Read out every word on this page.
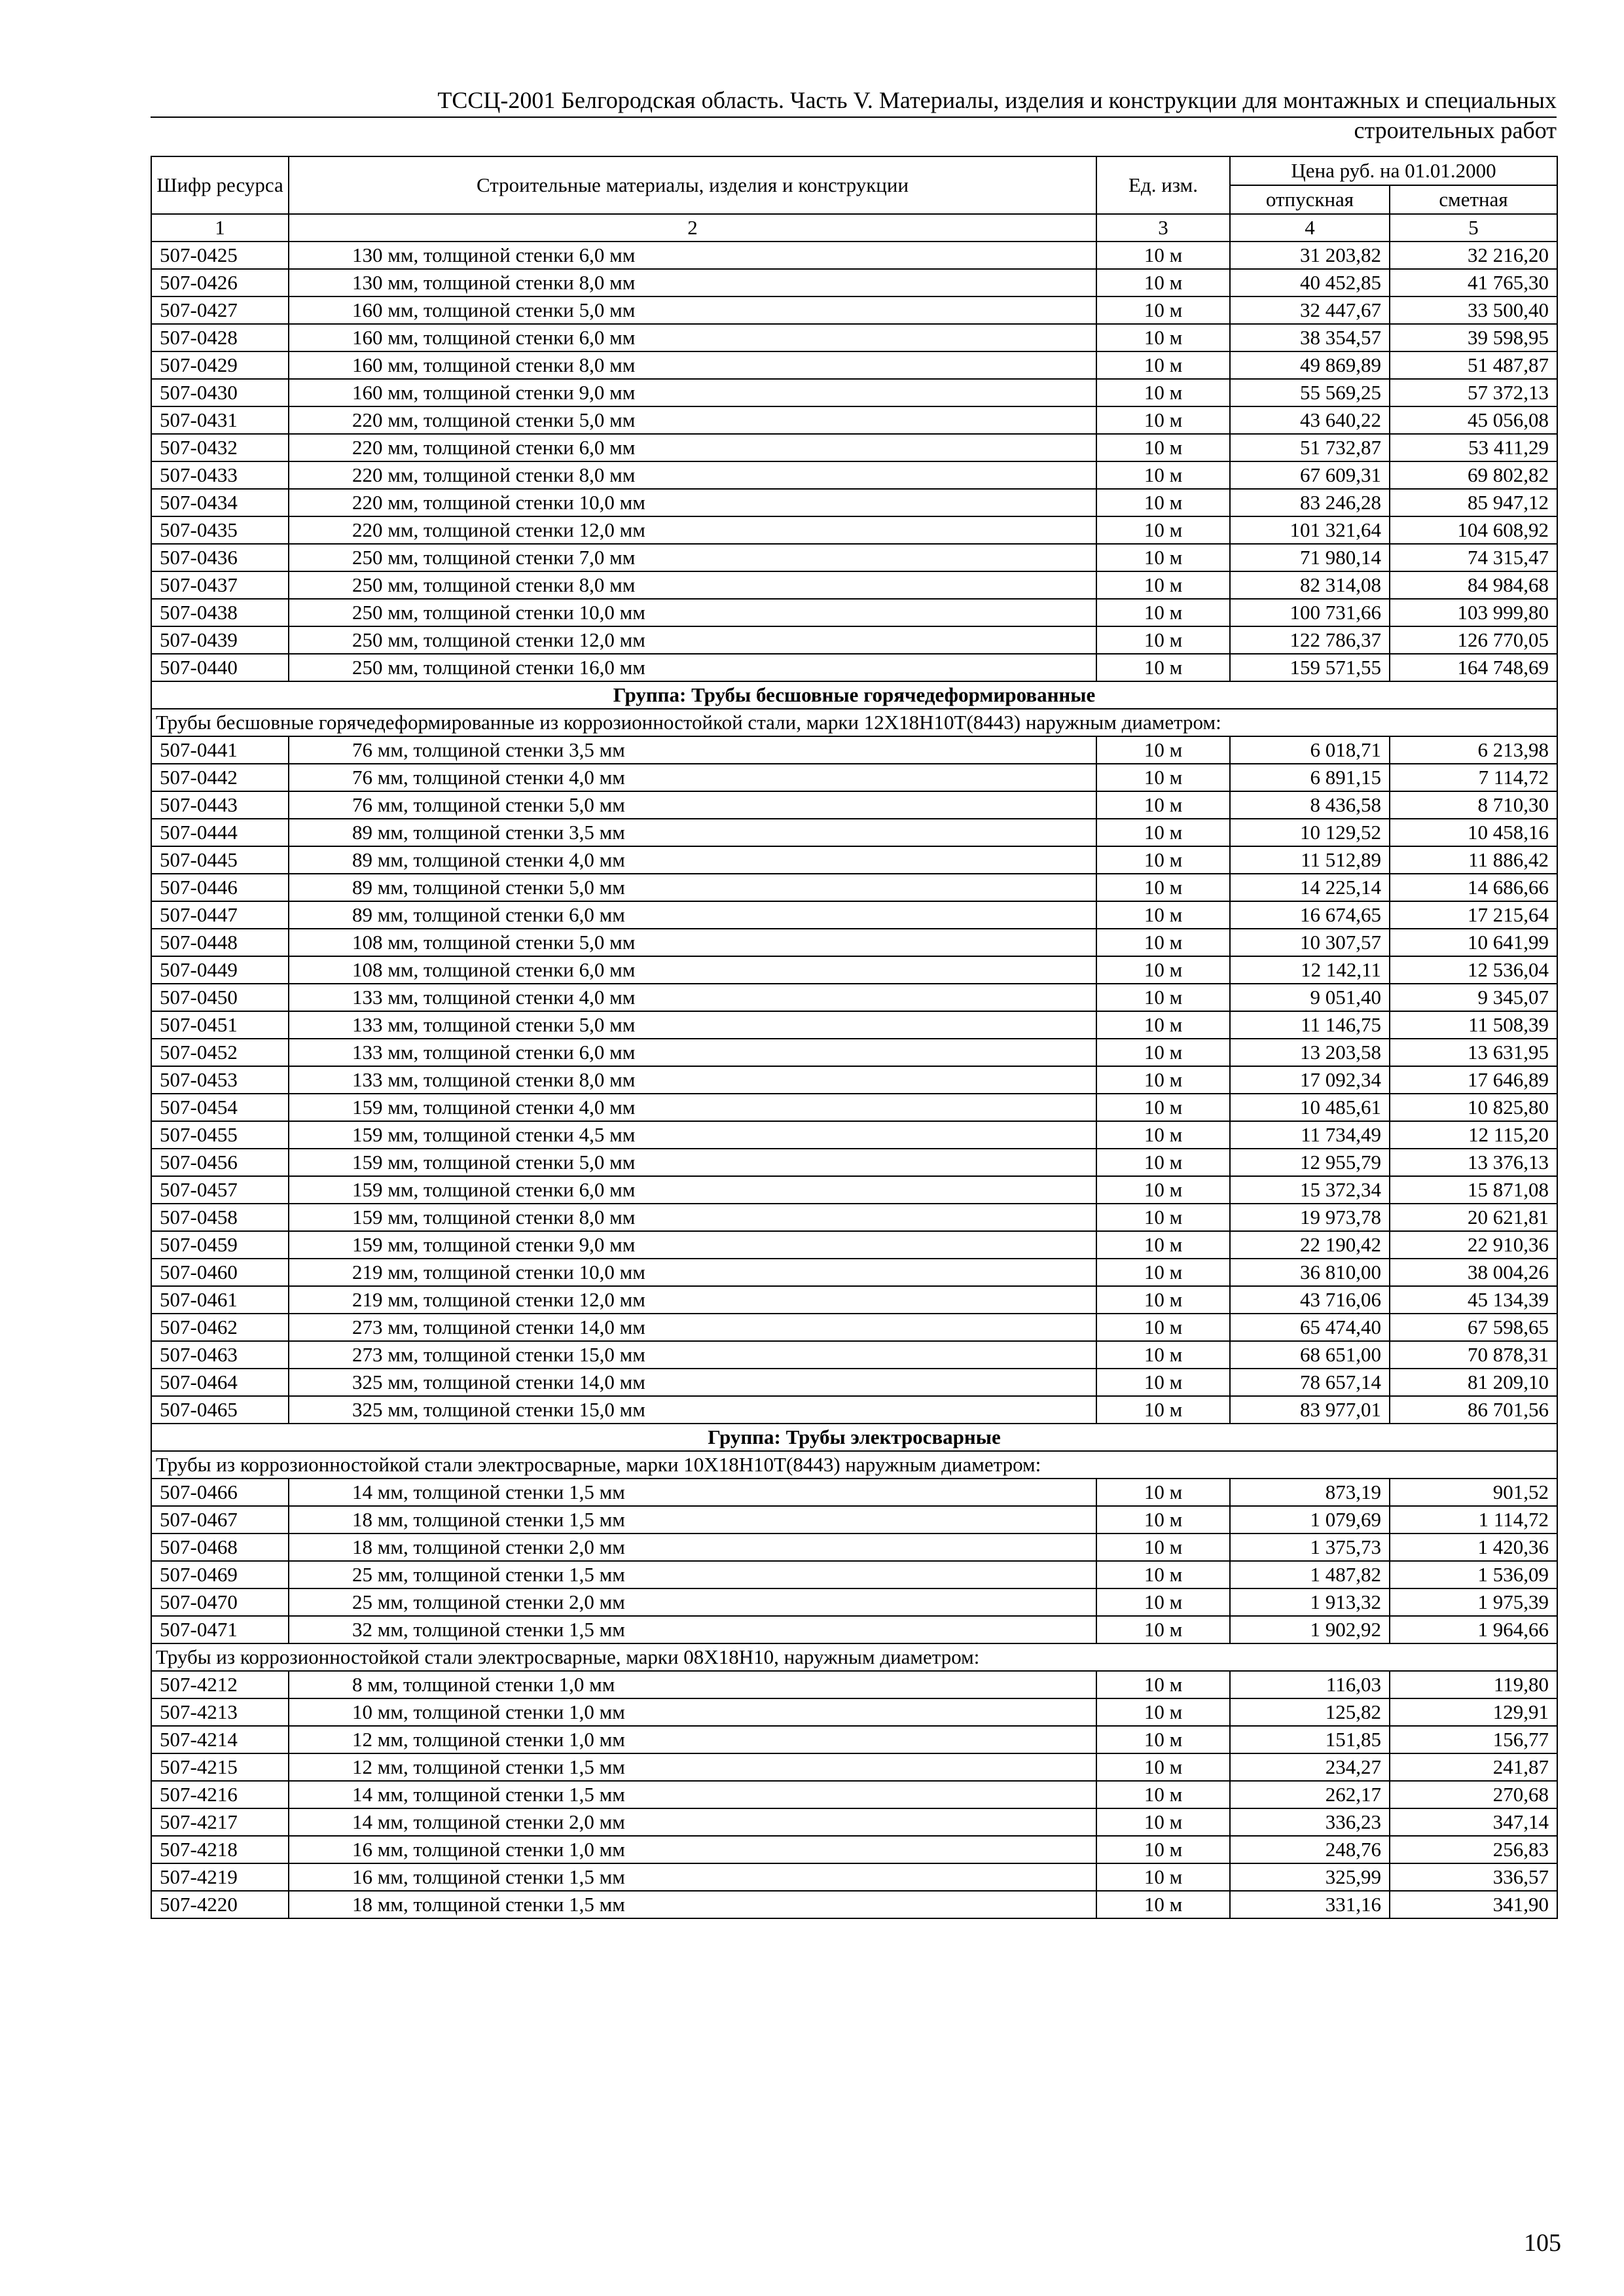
ТССЦ-2001 Белгородская область. Часть V. Материалы, изделия и конструкции для монтажных и специальных
строительных работ
Шифр ресурса	Строительные материалы, изделия и конструкции	Ед. изм.	Цена руб. на 01.01.2000	
			отпускная	сметная
1	2	3	4	5
507-0425	130 мм, толщиной стенки 6,0 мм	10 м	31 203,82	32 216,20
507-0426	130 мм, толщиной стенки 8,0 мм	10 м	40 452,85	41 765,30
507-0427	160 мм, толщиной стенки 5,0 мм	10 м	32 447,67	33 500,40
507-0428	160 мм, толщиной стенки 6,0 мм	10 м	38 354,57	39 598,95
507-0429	160 мм, толщиной стенки 8,0 мм	10 м	49 869,89	51 487,87
507-0430	160 мм, толщиной стенки 9,0 мм	10 м	55 569,25	57 372,13
507-0431	220 мм, толщиной стенки 5,0 мм	10 м	43 640,22	45 056,08
507-0432	220 мм, толщиной стенки 6,0 мм	10 м	51 732,87	53 411,29
507-0433	220 мм, толщиной стенки 8,0 мм	10 м	67 609,31	69 802,82
507-0434	220 мм, толщиной стенки 10,0 мм	10 м	83 246,28	85 947,12
507-0435	220 мм, толщиной стенки 12,0 мм	10 м	101 321,64	104 608,92
507-0436	250 мм, толщиной стенки 7,0 мм	10 м	71 980,14	74 315,47
507-0437	250 мм, толщиной стенки 8,0 мм	10 м	82 314,08	84 984,68
507-0438	250 мм, толщиной стенки 10,0 мм	10 м	100 731,66	103 999,80
507-0439	250 мм, толщиной стенки 12,0 мм	10 м	122 786,37	126 770,05
507-0440	250 мм, толщиной стенки 16,0 мм	10 м	159 571,55	164 748,69
Группа: Трубы бесшовные горячедеформированные				
Трубы бесшовные горячедеформированные из коррозионностойкой стали, марки 12Х18Н10Т(8443) наружным диаметром:				
507-0441	76 мм, толщиной стенки 3,5 мм	10 м	6 018,71	6 213,98
507-0442	76 мм, толщиной стенки 4,0 мм	10 м	6 891,15	7 114,72
507-0443	76 мм, толщиной стенки 5,0 мм	10 м	8 436,58	8 710,30
507-0444	89 мм, толщиной стенки 3,5 мм	10 м	10 129,52	10 458,16
507-0445	89 мм, толщиной стенки 4,0 мм	10 м	11 512,89	11 886,42
507-0446	89 мм, толщиной стенки 5,0 мм	10 м	14 225,14	14 686,66
507-0447	89 мм, толщиной стенки 6,0 мм	10 м	16 674,65	17 215,64
507-0448	108 мм, толщиной стенки 5,0 мм	10 м	10 307,57	10 641,99
507-0449	108 мм, толщиной стенки 6,0 мм	10 м	12 142,11	12 536,04
507-0450	133 мм, толщиной стенки 4,0 мм	10 м	9 051,40	9 345,07
507-0451	133 мм, толщиной стенки 5,0 мм	10 м	11 146,75	11 508,39
507-0452	133 мм, толщиной стенки 6,0 мм	10 м	13 203,58	13 631,95
507-0453	133 мм, толщиной стенки 8,0 мм	10 м	17 092,34	17 646,89
507-0454	159 мм, толщиной стенки 4,0 мм	10 м	10 485,61	10 825,80
507-0455	159 мм, толщиной стенки 4,5 мм	10 м	11 734,49	12 115,20
507-0456	159 мм, толщиной стенки 5,0 мм	10 м	12 955,79	13 376,13
507-0457	159 мм, толщиной стенки 6,0 мм	10 м	15 372,34	15 871,08
507-0458	159 мм, толщиной стенки 8,0 мм	10 м	19 973,78	20 621,81
507-0459	159 мм, толщиной стенки 9,0 мм	10 м	22 190,42	22 910,36
507-0460	219 мм, толщиной стенки 10,0 мм	10 м	36 810,00	38 004,26
507-0461	219 мм, толщиной стенки 12,0 мм	10 м	43 716,06	45 134,39
507-0462	273 мм, толщиной стенки 14,0 мм	10 м	65 474,40	67 598,65
507-0463	273 мм, толщиной стенки 15,0 мм	10 м	68 651,00	70 878,31
507-0464	325 мм, толщиной стенки 14,0 мм	10 м	78 657,14	81 209,10
507-0465	325 мм, толщиной стенки 15,0 мм	10 м	83 977,01	86 701,56
Группа: Трубы электросварные				
Трубы из коррозионностойкой стали электросварные, марки 10Х18Н10Т(8443) наружным диаметром:				
507-0466	14 мм, толщиной стенки 1,5 мм	10 м	873,19	901,52
507-0467	18 мм, толщиной стенки 1,5 мм	10 м	1 079,69	1 114,72
507-0468	18 мм, толщиной стенки 2,0 мм	10 м	1 375,73	1 420,36
507-0469	25 мм, толщиной стенки 1,5 мм	10 м	1 487,82	1 536,09
507-0470	25 мм, толщиной стенки 2,0 мм	10 м	1 913,32	1 975,39
507-0471	32 мм, толщиной стенки 1,5 мм	10 м	1 902,92	1 964,66
Трубы из коррозионностойкой стали электросварные, марки 08Х18Н10, наружным диаметром:				
507-4212	8 мм, толщиной стенки 1,0 мм	10 м	116,03	119,80
507-4213	10 мм, толщиной стенки 1,0 мм	10 м	125,82	129,91
507-4214	12 мм, толщиной стенки 1,0 мм	10 м	151,85	156,77
507-4215	12 мм, толщиной стенки 1,5 мм	10 м	234,27	241,87
507-4216	14 мм, толщиной стенки 1,5 мм	10 м	262,17	270,68
507-4217	14 мм, толщиной стенки 2,0 мм	10 м	336,23	347,14
507-4218	16 мм, толщиной стенки 1,0 мм	10 м	248,76	256,83
507-4219	16 мм, толщиной стенки 1,5 мм	10 м	325,99	336,57
507-4220	18 мм, толщиной стенки 1,5 мм	10 м	331,16	341,90
105
